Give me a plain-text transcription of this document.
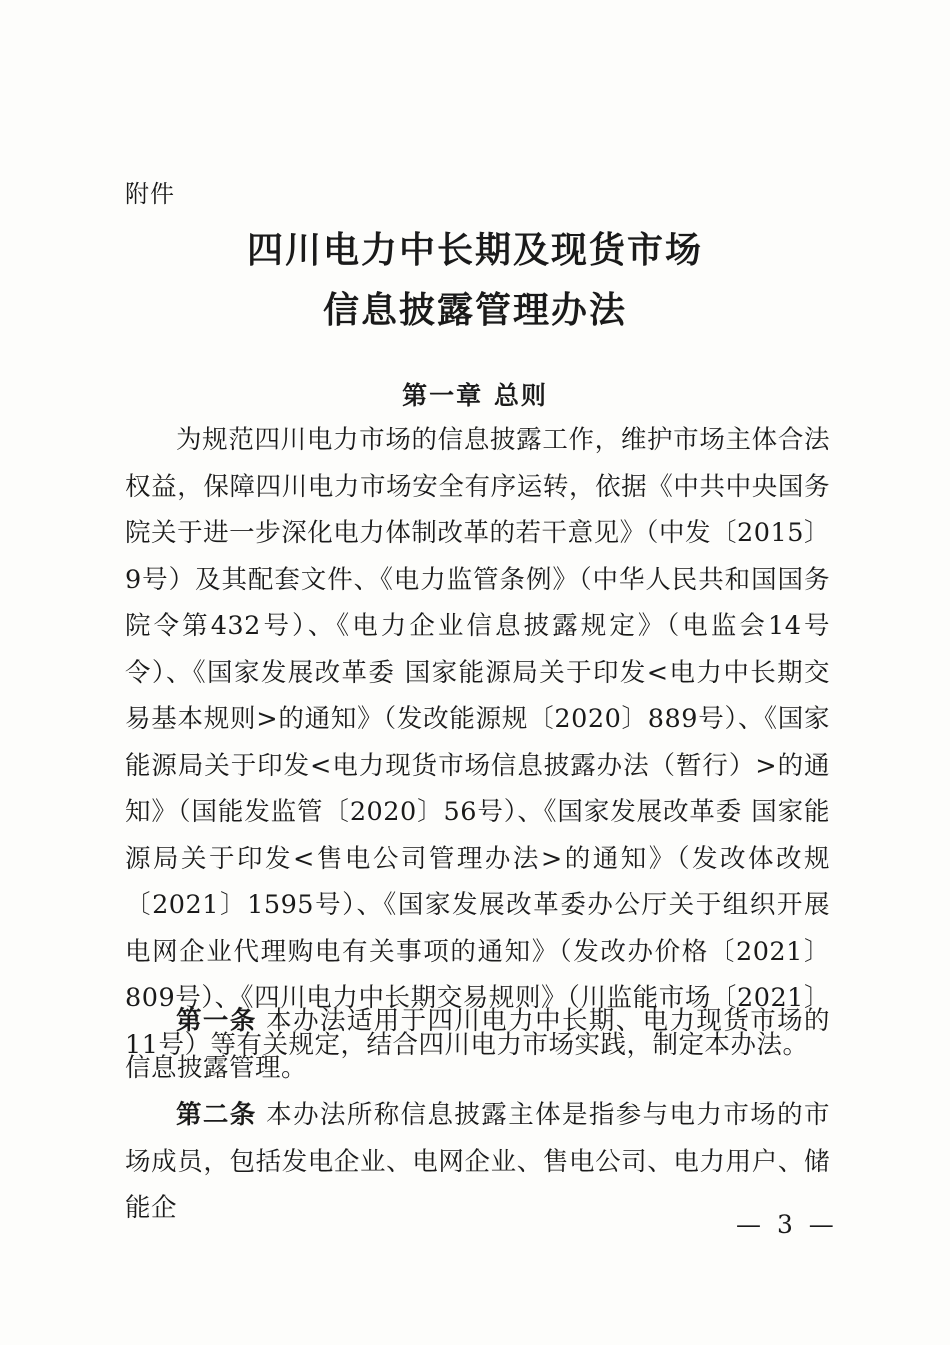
附件
四川电力中长期及现货市场
信息披露管理办法
第一章 总则
为规范四川电力市场的信息披露工作，维护市场主体合法权益，保障四川电力市场安全有序运转，依据《中共中央国务院关于进一步深化电力体制改革的若干意见》（中发〔2015〕9号）及其配套文件、《电力监管条例》（中华人民共和国国务院令第432号）、《电力企业信息披露规定》（电监会14号令）、《国家发展改革委 国家能源局关于印发<电力中长期交易基本规则>的通知》（发改能源规〔2020〕889号）、《国家能源局关于印发<电力现货市场信息披露办法（暂行）>的通知》（国能发监管〔2020〕56号）、《国家发展改革委 国家能源局关于印发<售电公司管理办法>的通知》（发改体改规〔2021〕1595号）、《国家发展改革委办公厅关于组织开展电网企业代理购电有关事项的通知》（发改办价格〔2021〕809号）、《四川电力中长期交易规则》（川监能市场〔2021〕11号）等有关规定，结合四川电力市场实践，制定本办法。
第一条 本办法适用于四川电力中长期、电力现货市场的信息披露管理。
第二条 本办法所称信息披露主体是指参与电力市场的市场成员，包括发电企业、电网企业、售电公司、电力用户、储能企
— 3 —
